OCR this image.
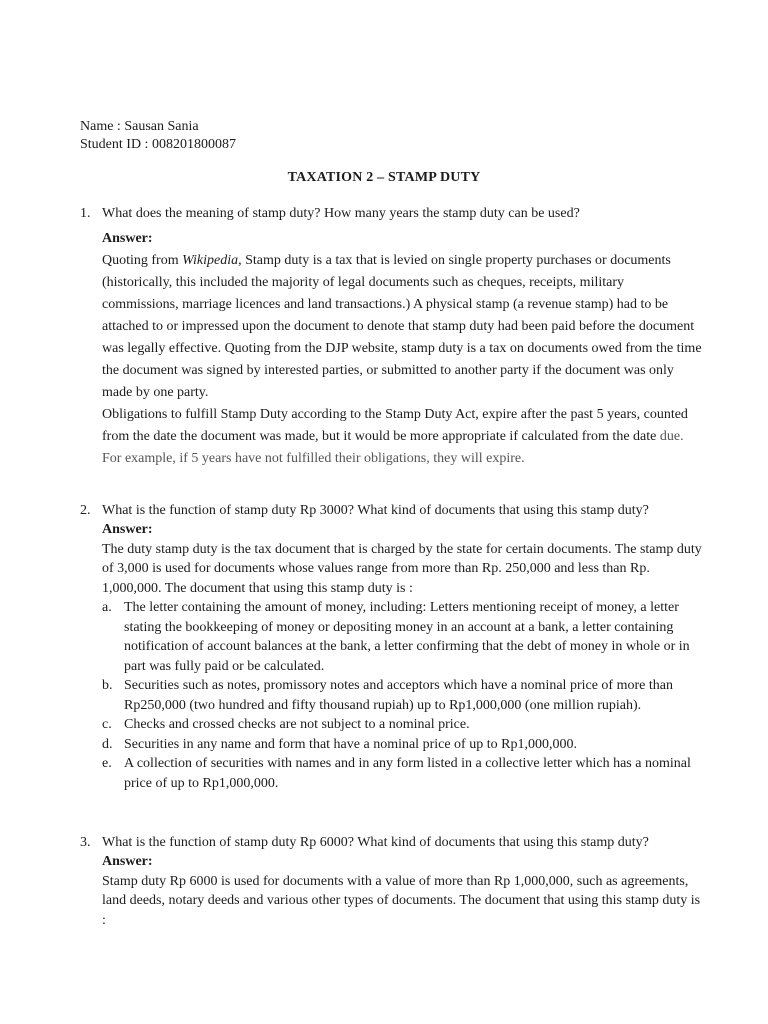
Name : Sausan Sania
Student ID : 008201800087
TAXATION 2 – STAMP DUTY
1. What does the meaning of stamp duty? How many years the stamp duty can be used?
Answer:

Quoting from Wikipedia, Stamp duty is a tax that is levied on single property purchases or documents (historically, this included the majority of legal documents such as cheques, receipts, military commissions, marriage licences and land transactions.) A physical stamp (a revenue stamp) had to be attached to or impressed upon the document to denote that stamp duty had been paid before the document was legally effective. Quoting from the DJP website, stamp duty is a tax on documents owed from the time the document was signed by interested parties, or submitted to another party if the document was only made by one party.

Obligations to fulfill Stamp Duty according to the Stamp Duty Act, expire after the past 5 years, counted from the date the document was made, but it would be more appropriate if calculated from the date due. For example, if 5 years have not fulfilled their obligations, they will expire.

2. What is the function of stamp duty Rp 3000? What kind of documents that using this stamp duty?
Answer:

The duty stamp duty is the tax document that is charged by the state for certain documents. The stamp duty of 3,000 is used for documents whose values range from more than Rp. 250,000 and less than Rp. 1,000,000. The document that using this stamp duty is :

a. The letter containing the amount of money, including: Letters mentioning receipt of money, a letter stating the bookkeeping of money or depositing money in an account at a bank, a letter containing notification of account balances at the bank, a letter confirming that the debt of money in whole or in part was fully paid or be calculated.
b. Securities such as notes, promissory notes and acceptors which have a nominal price of more than Rp250,000 (two hundred and fifty thousand rupiah) up to Rp1,000,000 (one million rupiah).
c. Checks and crossed checks are not subject to a nominal price.
d. Securities in any name and form that have a nominal price of up to Rp1,000,000.
e. A collection of securities with names and in any form listed in a collective letter which has a nominal price of up to Rp1,000,000.
3. What is the function of stamp duty Rp 6000? What kind of documents that using this stamp duty?
Answer:

Stamp duty Rp 6000 is used for documents with a value of more than Rp 1,000,000, such as agreements, land deeds, notary deeds and various other types of documents. The document that using this stamp duty is :
